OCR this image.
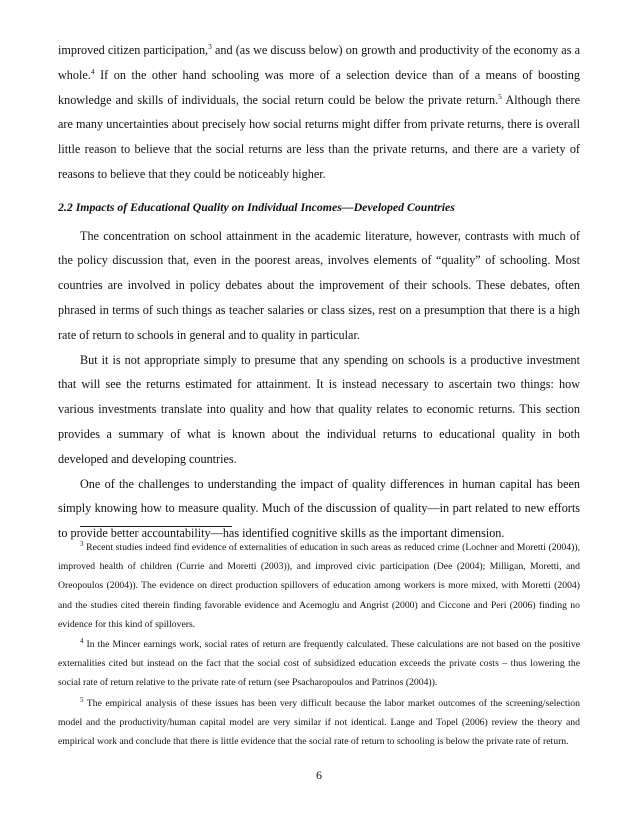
improved citizen participation,$^3$ and (as we discuss below) on growth and productivity of the economy as a whole.$^4$ If on the other hand schooling was more of a selection device than of a means of boosting knowledge and skills of individuals, the social return could be below the private return.$^5$ Although there are many uncertainties about precisely how social returns might differ from private returns, there is overall little reason to believe that the social returns are less than the private returns, and there are a variety of reasons to believe that they could be noticeably higher.

2.2 Impacts of Educational Quality on Individual Incomes—Developed Countries

The concentration on school attainment in the academic literature, however, contrasts with much of the policy discussion that, even in the poorest areas, involves elements of “quality” of schooling. Most countries are involved in policy debates about the improvement of their schools. These debates, often phrased in terms of such things as teacher salaries or class sizes, rest on a presumption that there is a high rate of return to schools in general and to quality in particular.

But it is not appropriate simply to presume that any spending on schools is a productive investment that will see the returns estimated for attainment. It is instead necessary to ascertain two things: how various investments translate into quality and how that quality relates to economic returns. This section provides a summary of what is known about the individual returns to educational quality in both developed and developing countries.

One of the challenges to understanding the impact of quality differences in human capital has been simply knowing how to measure quality. Much of the discussion of quality—in part related to new efforts to provide better accountability—has identified cognitive skills as the important dimension.

$^3$ Recent studies indeed find evidence of externalities of education in such areas as reduced crime (Lochner and Moretti (2004)), improved health of children (Currie and Moretti (2003)), and improved civic participation (Dee (2004); Milligan, Moretti, and Oreopoulos (2004)). The evidence on direct production spillovers of education among workers is more mixed, with Moretti (2004) and the studies cited therein finding favorable evidence and Acemoglu and Angrist (2000) and Ciccone and Peri (2006) finding no evidence for this kind of spillovers.

$^4$ In the Mincer earnings work, social rates of return are frequently calculated. These calculations are not based on the positive externalities cited but instead on the fact that the social cost of subsidized education exceeds the private costs – thus lowering the social rate of return relative to the private rate of return (see Psacharopoulos and Patrinos (2004)).

$^5$ The empirical analysis of these issues has been very difficult because the labor market outcomes of the screening/selection model and the productivity/human capital model are very similar if not identical. Lange and Topel (2006) review the theory and empirical work and conclude that there is little evidence that the social rate of return to schooling is below the private rate of return.

6
